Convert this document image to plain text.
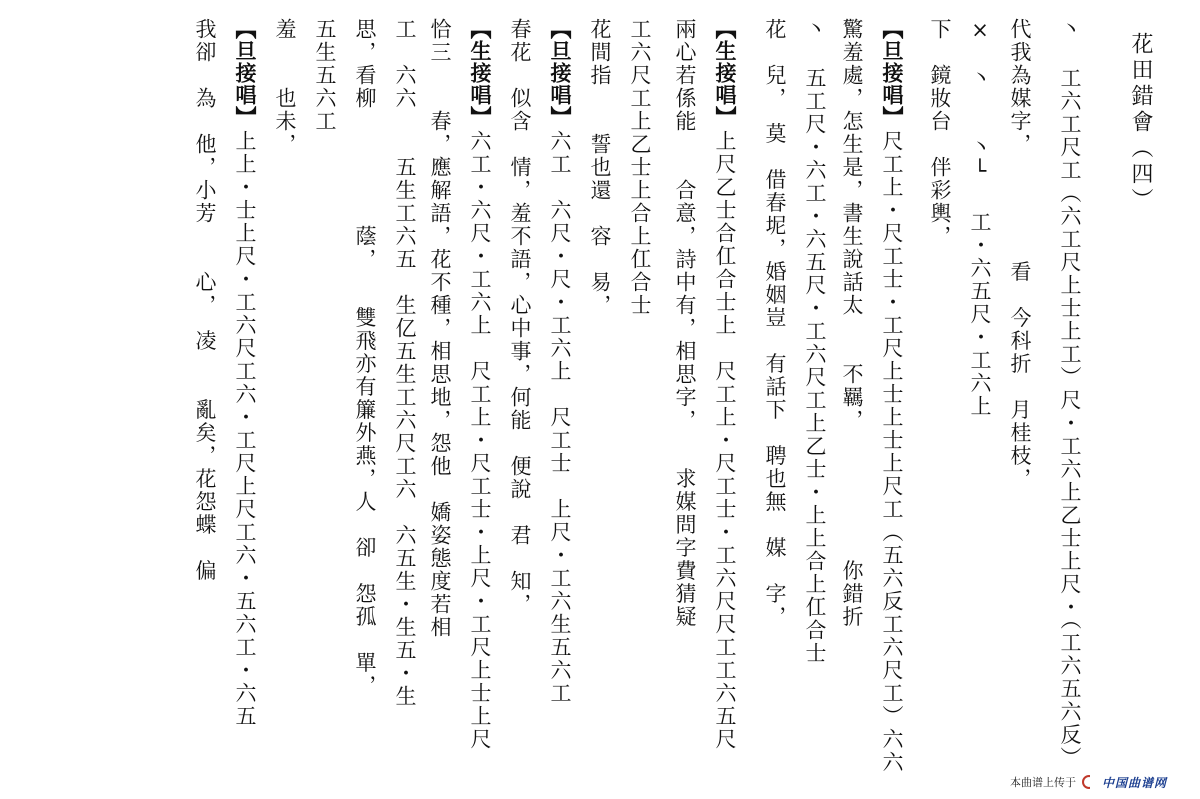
花田錯會（四）
丶 工六工尺工（六工尺上士上工）尺・工六上乙士上尺・（工六五六反）
代我為媒字，　　　　　看　今科折　月桂枝，
×　丶　　丶└ 工・六五尺・工六上
下　鏡妝台　伴彩輿，
【旦接唱】
尺工上・尺工士・工尺上士上士上尺工（五六反工六尺工）六六
驚羞處，怎生是，書生說話太　　不羈，　　　　　　你錯折
丶 五工尺・六工・六五尺・工六尺工上乙士・上上合上仜合士
花　兒，　莫　借春坭，婚姻豈　有話下　聘也無　媒　字，
【生接唱】
上尺乙士合仜合士上　尺工上・尺工士・工六尺尺工工六五尺
兩心若係能　　合意，詩中有，相思字，　　求媒問字費猜疑
工六尺工上乙士上合上仜合士
花間指　　誓也還　容　易，
【旦接唱】
六工　六尺・尺・工六上　尺工士　上尺・工六生五六工
春花　似含　情，羞不語，心中事，何能　便說　君　知，
【生接唱】
六工・六尺・工六上　尺工上・尺工士・上尺・工尺上士上尺
恰三　　春，應解語，花不種，相思地，怨他　嬌姿態度若相
工　六六　　五生工六五　生亿五生工六尺工六　六五生・生五・生
思，看柳　　　　　蔭，　　雙飛亦有簾外燕，人　卻　怨孤　單，
五生五六工
羞　　也未，
【旦接唱】
上上・士上尺・工六尺工六・工尺上尺工六・五六工・六五
我卻　為　他，小芳　　心，　凌　　亂矣，花怨蝶　偏
本曲谱上传于 中国曲谱网
